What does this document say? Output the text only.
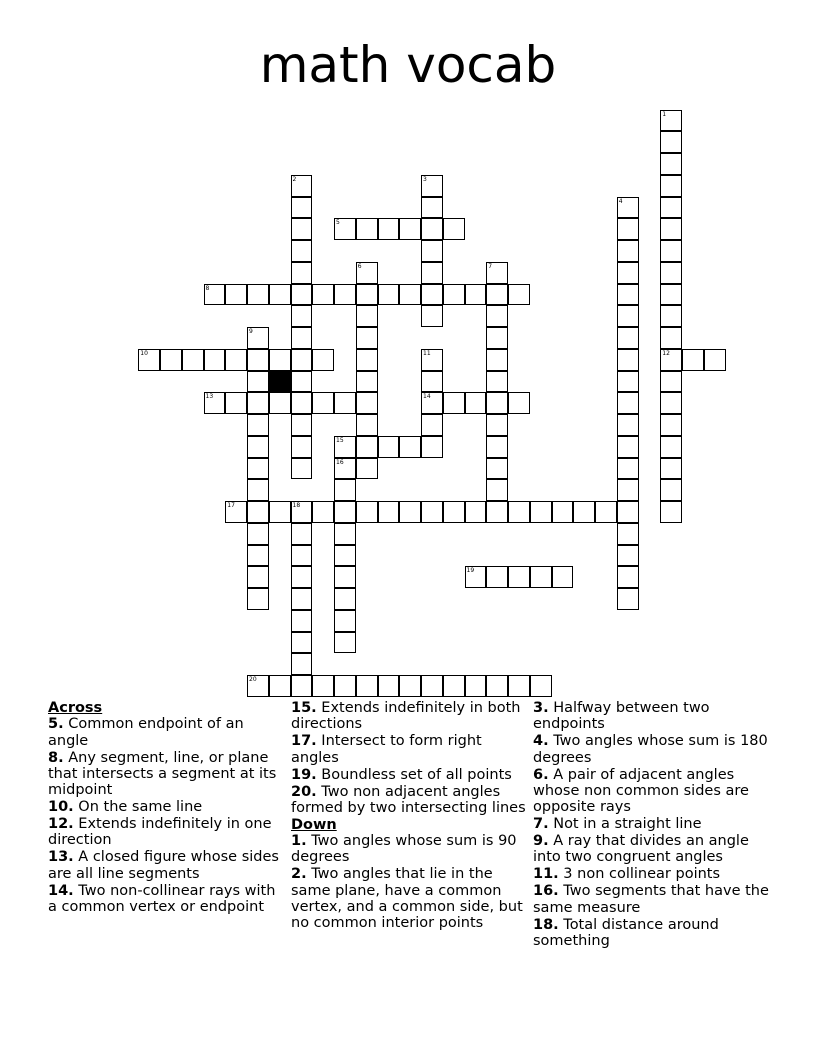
math vocab
5
8
10	12
13	14
15
17	18
19
20
1
2	3
4
6	7
9
11
16
Across
5. Common endpoint of an angle
8. Any segment, line, or plane that intersects a segment at its midpoint
10. On the same line
12. Extends indefinitely in one direction
13. A closed figure whose sides are all line segments
14. Two non-collinear rays with a common vertex or endpoint
15. Extends indefinitely in both directions
17. Intersect to form right angles
19. Boundless set of all points
20. Two non adjacent angles formed by two intersecting lines
Down
1. Two angles whose sum is 90 degrees
2. Two angles that lie in the same plane, have a common vertex, and a common side, but no common interior points
3. Halfway between two endpoints
4. Two angles whose sum is 180 degrees
6. A pair of adjacent angles whose non common sides are opposite rays
7. Not in a straight line
9. A ray that divides an angle into two congruent angles
11. 3 non collinear points
16. Two segments that have the same measure
18. Total distance around something
